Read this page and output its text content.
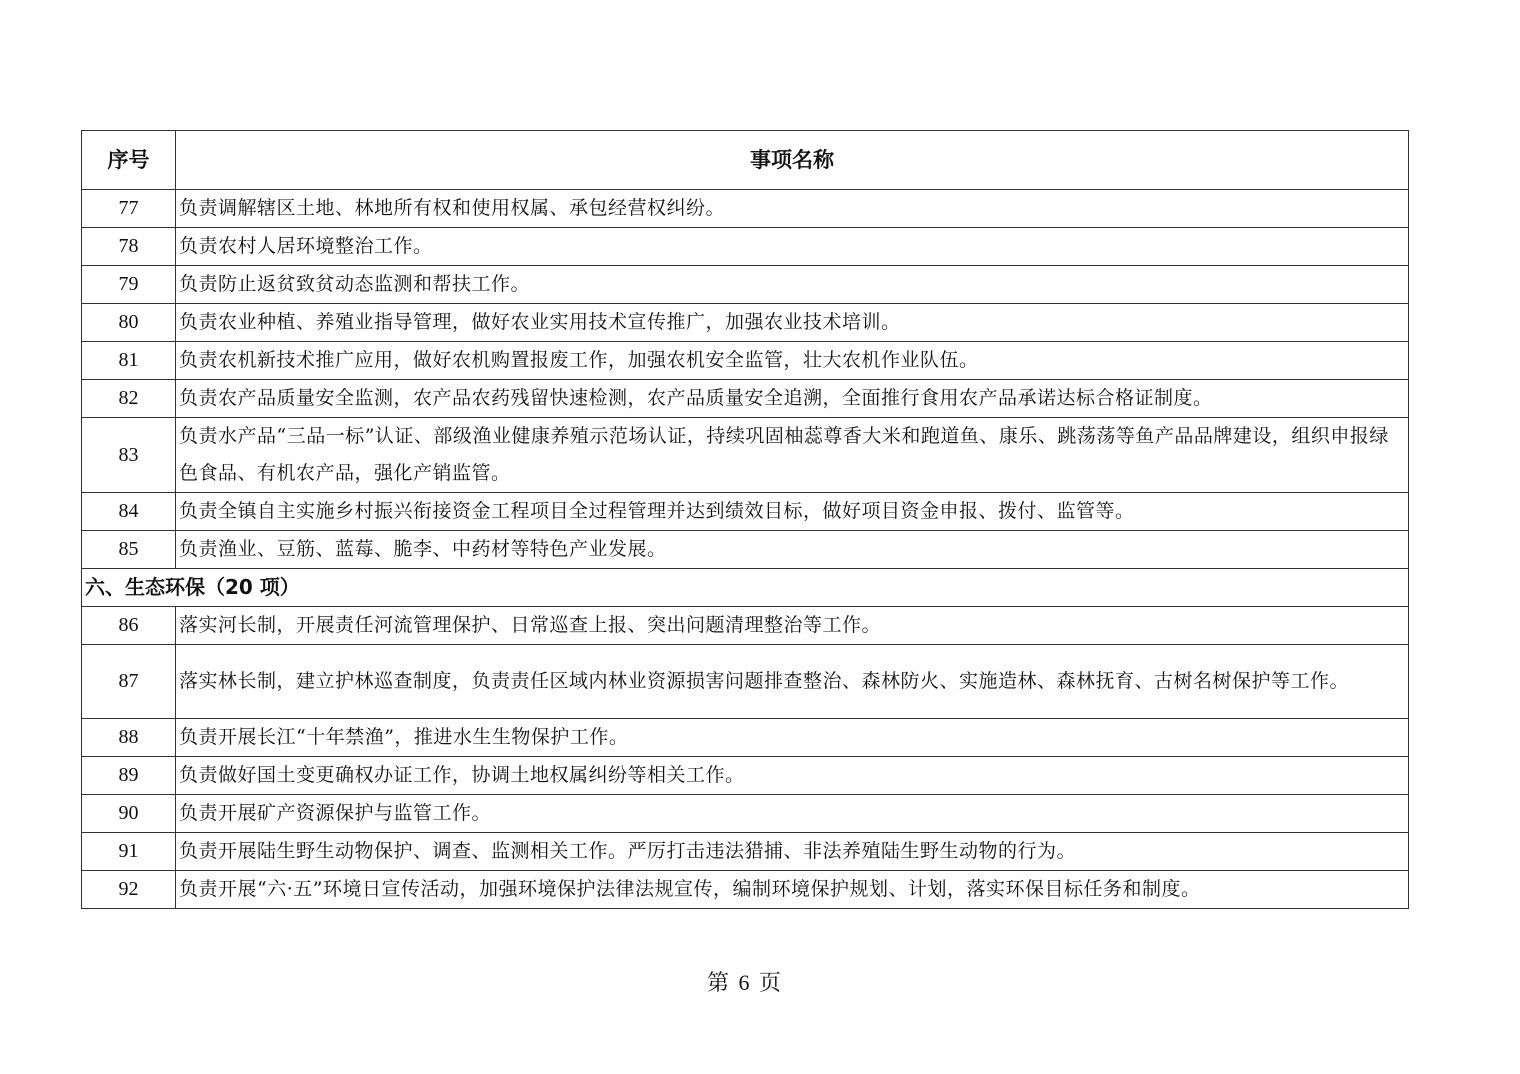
序号	事项名称
77	负责调解辖区土地、林地所有权和使用权属、承包经营权纠纷。
78	负责农村人居环境整治工作。
79	负责防止返贫致贫动态监测和帮扶工作。
80	负责农业种植、养殖业指导管理，做好农业实用技术宣传推广，加强农业技术培训。
81	负责农机新技术推广应用，做好农机购置报废工作，加强农机安全监管，壮大农机作业队伍。
82	负责农产品质量安全监测，农产品农药残留快速检测，农产品质量安全追溯，全面推行食用农产品承诺达标合格证制度。
83	负责水产品“三品一标”认证、部级渔业健康养殖示范场认证，持续巩固柚蕊尊香大米和跑道鱼、康乐、跳荡荡等鱼产品品牌建设，组织申报绿色食品、有机农产品，强化产销监管。
84	负责全镇自主实施乡村振兴衔接资金工程项目全过程管理并达到绩效目标，做好项目资金申报、拨付、监管等。
85	负责渔业、豆筋、蓝莓、脆李、中药材等特色产业发展。
六、生态环保（20 项）	
86	落实河长制，开展责任河流管理保护、日常巡查上报、突出问题清理整治等工作。
87	落实林长制，建立护林巡查制度，负责责任区域内林业资源损害问题排查整治、森林防火、实施造林、森林抚育、古树名树保护等工作。
88	负责开展长江“十年禁渔”，推进水生生物保护工作。
89	负责做好国土变更确权办证工作，协调土地权属纠纷等相关工作。
90	负责开展矿产资源保护与监管工作。
91	负责开展陆生野生动物保护、调查、监测相关工作。严厉打击违法猎捕、非法养殖陆生野生动物的行为。
92	负责开展“六·五”环境日宣传活动，加强环境保护法律法规宣传，编制环境保护规划、计划，落实环保目标任务和制度。
第 6 页
